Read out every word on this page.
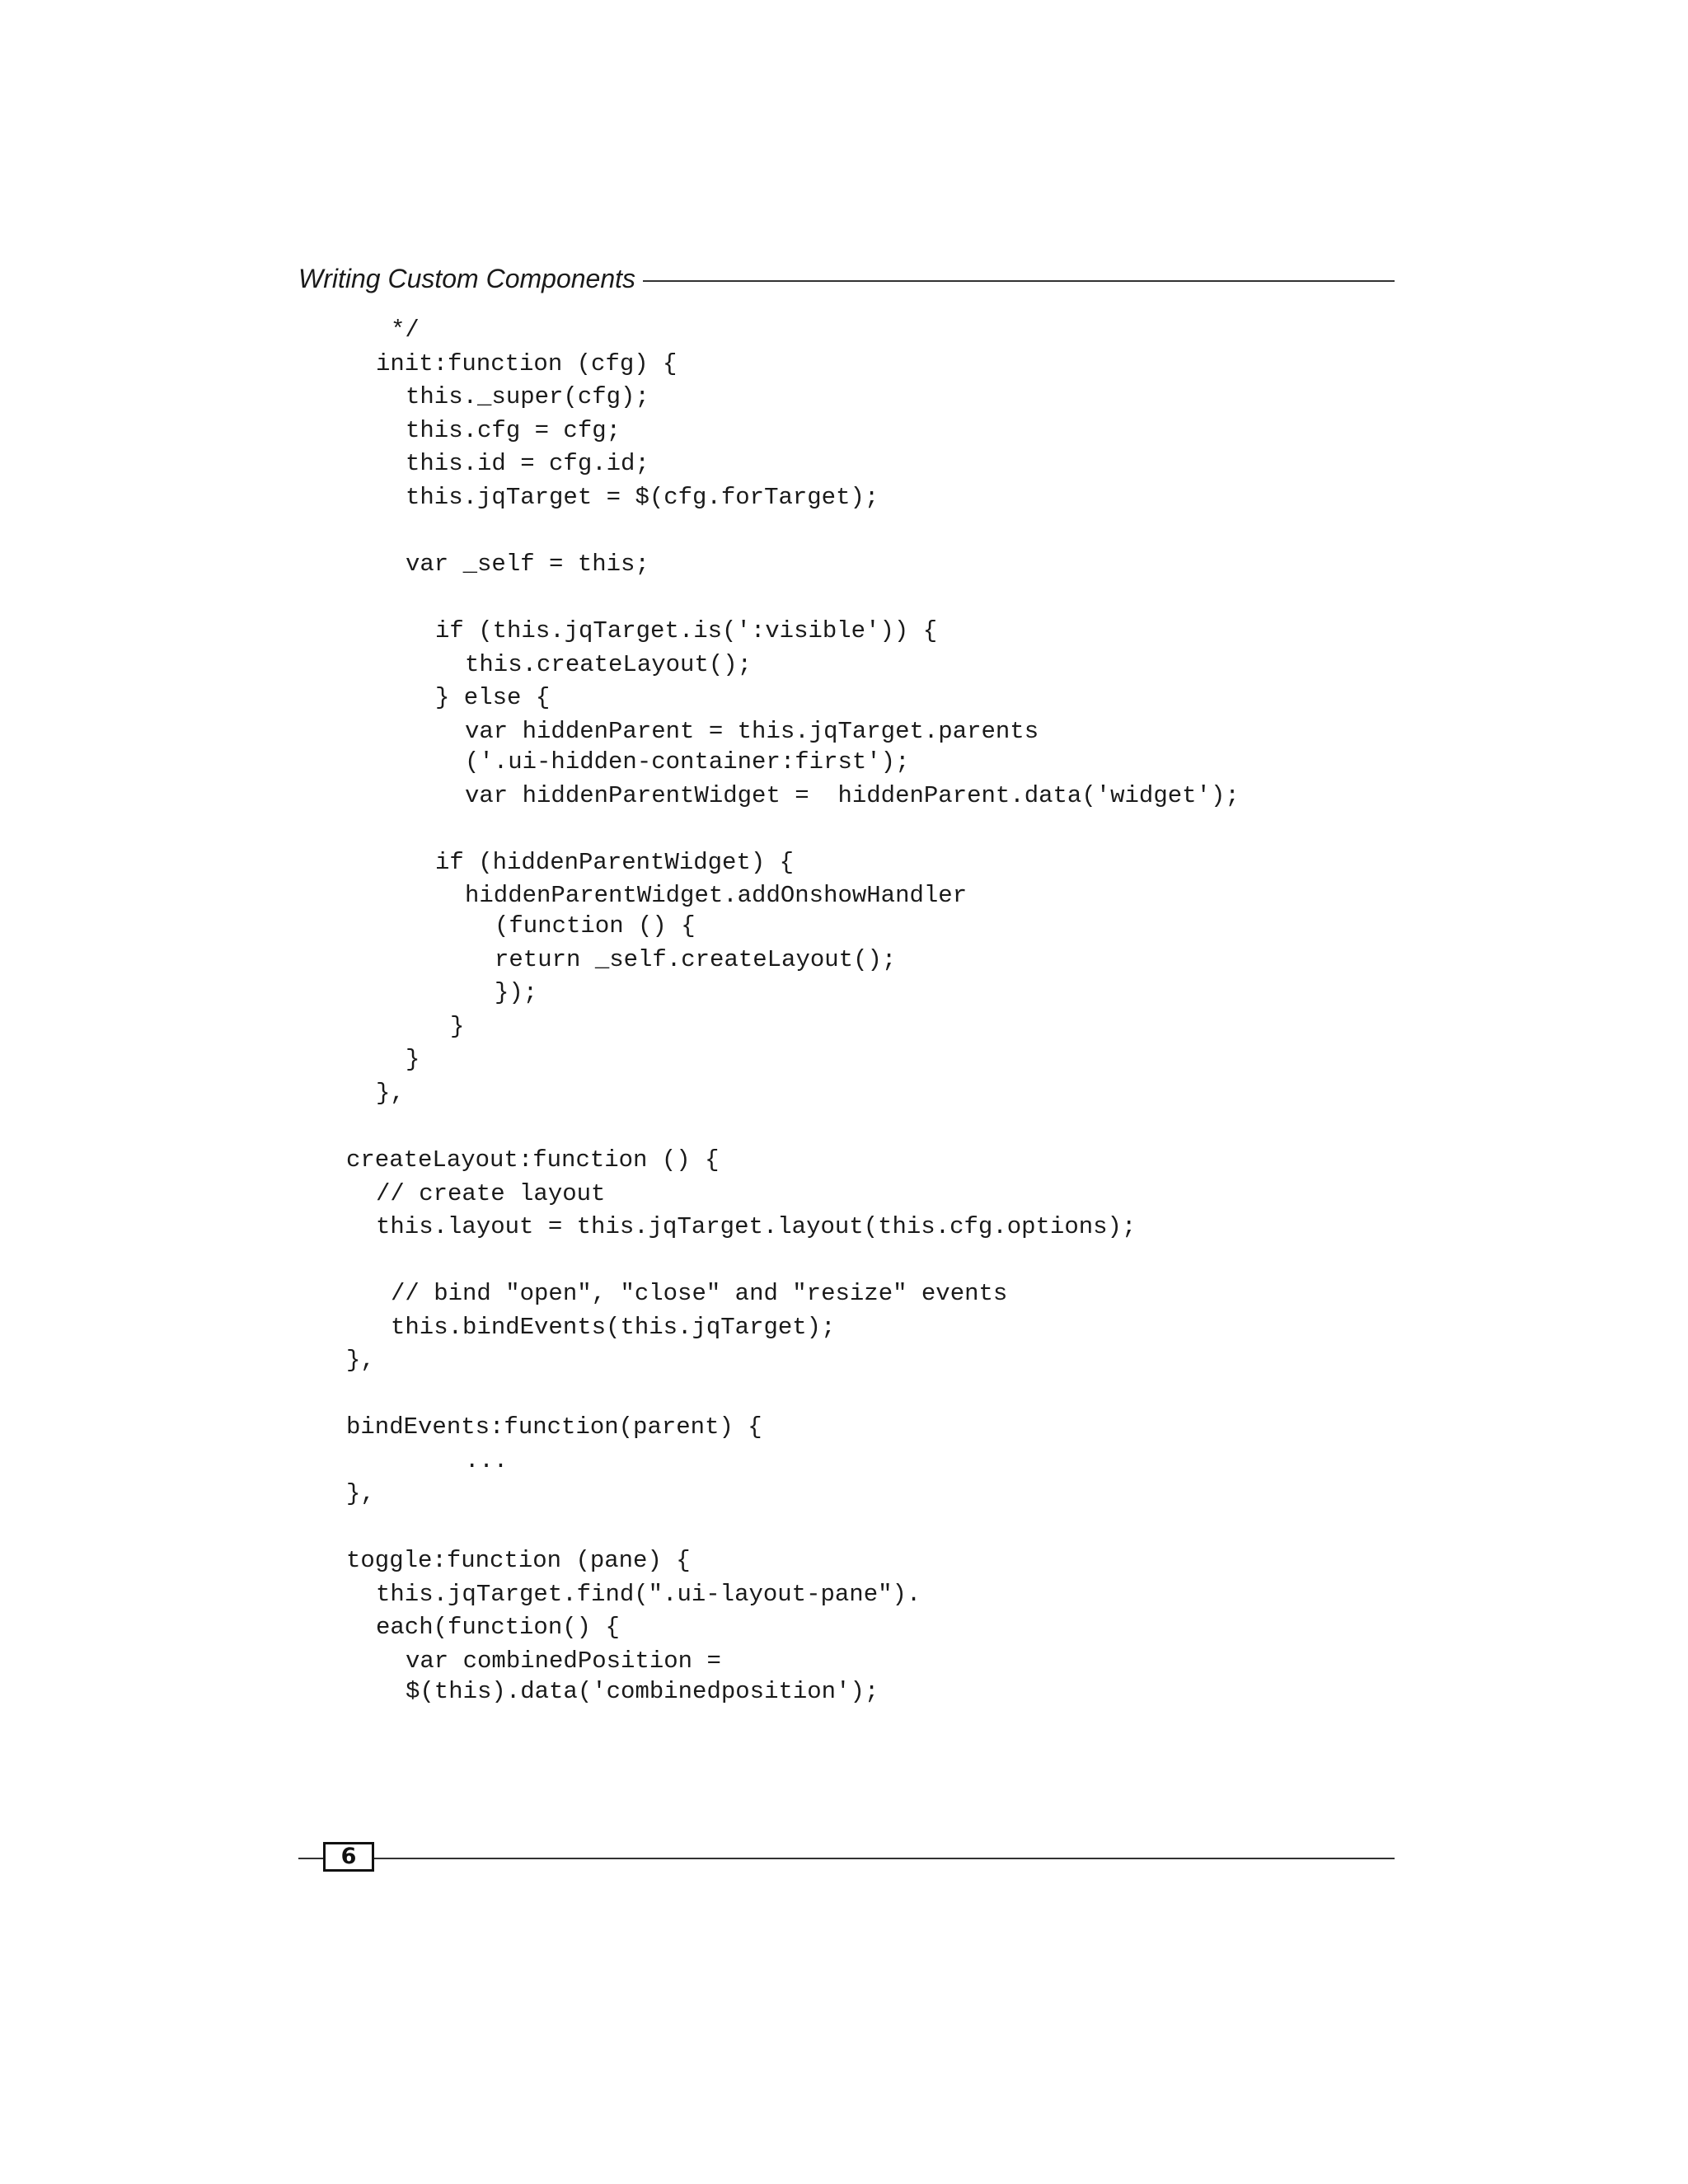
Writing Custom Components
*/
init:function (cfg) {
this._super(cfg);
this.cfg = cfg;
this.id = cfg.id;
this.jqTarget = $(cfg.forTarget);
var _self = this;
if (this.jqTarget.is(':visible')) {
this.createLayout();
} else {
var hiddenParent = this.jqTarget.parents
('.ui-hidden-container:first');
var hiddenParentWidget =  hiddenParent.data('widget');
if (hiddenParentWidget) {
hiddenParentWidget.addOnshowHandler
(function () {
return _self.createLayout();
});
}
}
},
createLayout:function () {
// create layout
this.layout = this.jqTarget.layout(this.cfg.options);
// bind "open", "close" and "resize" events
this.bindEvents(this.jqTarget);
},
bindEvents:function(parent) {
...
},
toggle:function (pane) {
this.jqTarget.find(".ui-layout-pane").
each(function() {
var combinedPosition =
$(this).data('combinedposition');
6
